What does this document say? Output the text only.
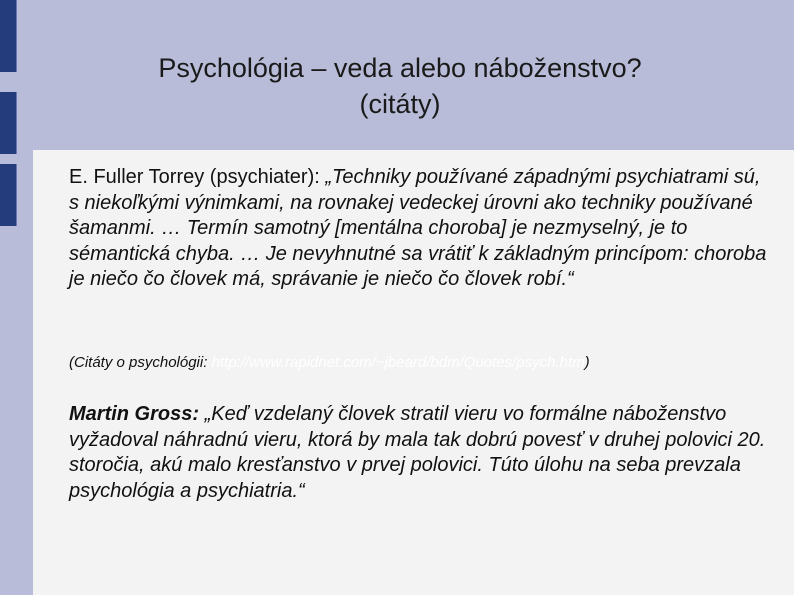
Psychológia – veda alebo náboženstvo?
(citáty)
E. Fuller Torrey (psychiater): „Techniky používané západnými psychiatrami sú, s niekoľkými výnimkami, na rovnakej vedeckej úrovni ako techniky používané šamanmi. … Termín samotný [mentálna choroba] je nezmyselný, je to sémantická chyba. … Je nevyhnutné sa vrátiť k základným princípom: choroba je niečo čo človek má, správanie je niečo čo človek robí.“
(Citáty o psychológii: http://www.rapidnet.com/~jbeard/bdm/Quotes/psych.htm)
Martin Gross: „Keď vzdelaný človek stratil vieru vo formálne náboženstvo vyžadoval náhradnú vieru, ktorá by mala tak dobrú povesť v druhej polovici 20. storočia, akú malo kresťanstvo v prvej polovici. Túto úlohu na seba prevzala psychológia a psychiatria.“
